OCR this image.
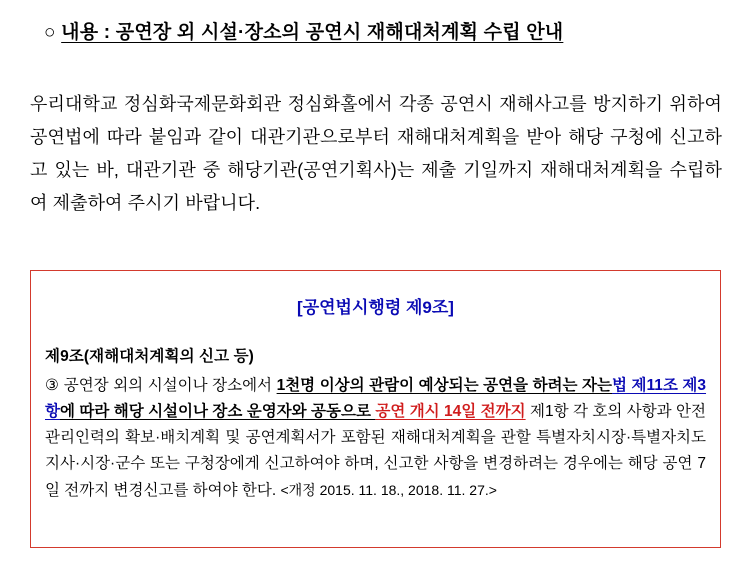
○ 내용 : 공연장 외 시설·장소의 공연시 재해대처계획 수립 안내
우리대학교 정심화국제문화회관 정심화홀에서 각종 공연시 재해사고를 방지하기 위하여 공연법에 따라 붙임과 같이 대관기관으로부터 재해대처계획을 받아 해당 구청에 신고하고 있는 바, 대관기관 중 해당기관(공연기획사)는 제출 기일까지 재해대처계획을 수립하여 제출하여 주시기 바랍니다.
[공연법시행령 제9조]
제9조(재해대처계획의 신고 등)
③ 공연장 외의 시설이나 장소에서 1천명 이상의 관람이 예상되는 공연을 하려는 자는법 제11조 제3항에 따라 해당 시설이나 장소 운영자와 공동으로 공연 개시 14일 전까지 제1항 각 호의 사항과 안전관리인력의 확보·배치계획 및 공연계획서가 포함된 재해대처계획을 관할 특별자치시장·특별자치도지사·시장·군수 또는 구청장에게 신고하여야 하며, 신고한 사항을 변경하려는 경우에는 해당 공연 7일 전까지 변경신고를 하여야 한다. <개정 2015. 11. 18., 2018. 11. 27.>
